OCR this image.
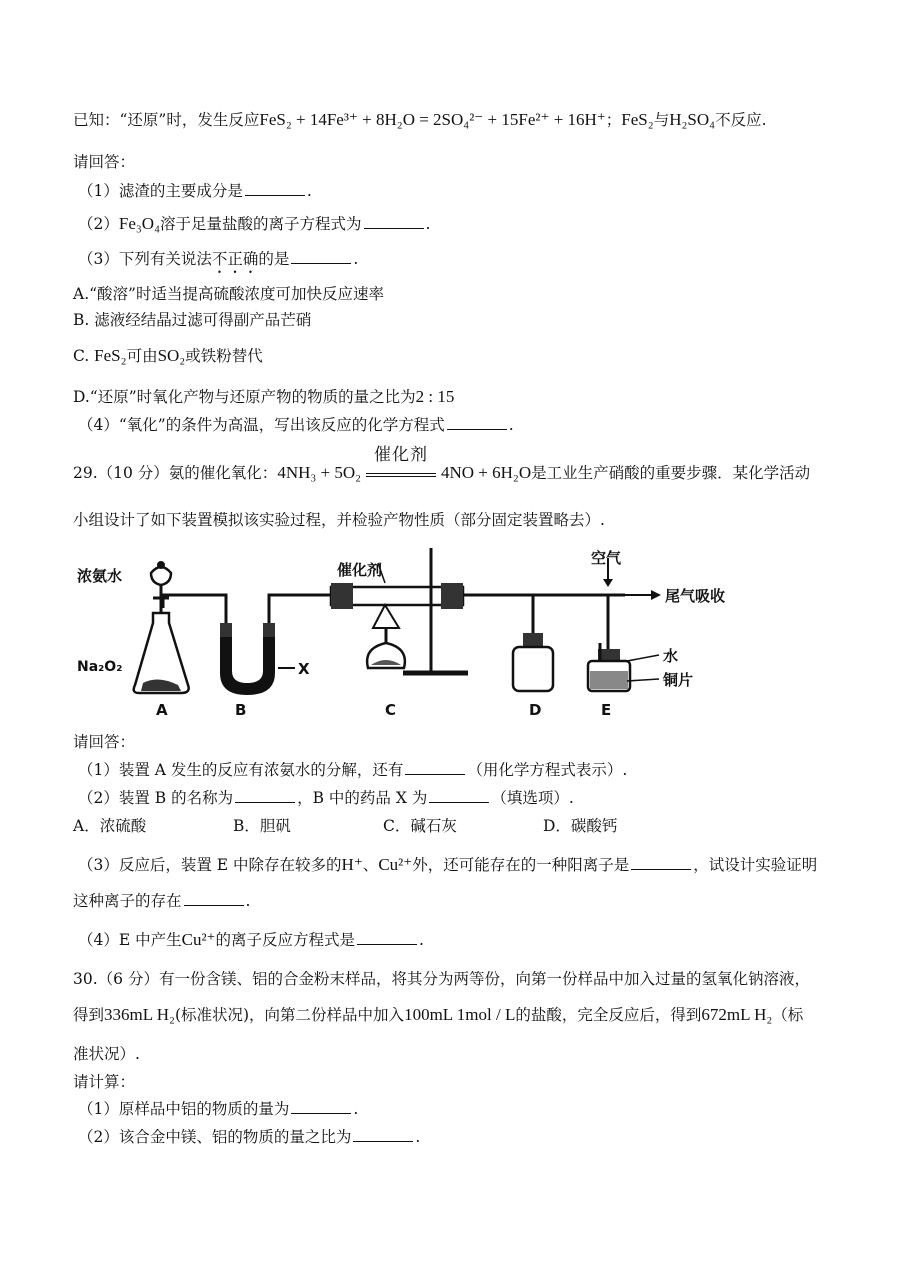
已知：“还原”时，发生反应FeS₂ + 14Fe³⁺ + 8H₂O = 2SO₄²⁻ + 15Fe²⁺ + 16H⁺；FeS₂与H₂SO₄不反应.
请回答：
（1）滤渣的主要成分是	.
（2）Fe₃O₄溶于足量盐酸的离子方程式为	.
（3）下列有关说法不正确的是	.
A.“酸溶”时适当提高硫酸浓度可加快反应速率
B. 滤液经结晶过滤可得副产品芒硝
C. FeS₂可由SO₂或铁粉替代
D.“还原”时氧化产物与还原产物的物质的量之比为2 : 15
（4）“氧化”的条件为高温，写出该反应的化学方程式	.
29.（10 分）氨的催化氧化：4NH₃ + 5O₂
催化剂
4NO + 6H₂O是工业生产硝酸的重要步骤．某化学活动
小组设计了如下装置模拟该实验过程，并检验产物性质（部分固定装置略去）.
浓氨水
Na₂O₂
催化剂
空气
尾气吸收
水
铜片
X
A	B	C	D	E
请回答：
（1）装置 A 发生的反应有浓氨水的分解，还有	（用化学方程式表示）.
（2）装置 B 的名称为	，B 中的药品 X 为	（填选项）.
A．浓硫酸	B．胆矾	C．碱石灰	D．碳酸钙
（3）反应后，装置 E 中除存在较多的H⁺、Cu²⁺外，还可能存在的一种阳离子是	，试设计实验证明
这种离子的存在	.
（4）E 中产生Cu²⁺的离子反应方程式是	.
30.（6 分）有一份含镁、铝的合金粉末样品，将其分为两等份，向第一份样品中加入过量的氢氧化钠溶液，
得到336mL H₂(标准状况)，向第二份样品中加入100mL 1mol / L的盐酸，完全反应后，得到672mL H₂（标
准状况）.
请计算：
（1）原样品中铝的物质的量为	.
（2）该合金中镁、铝的物质的量之比为	.
